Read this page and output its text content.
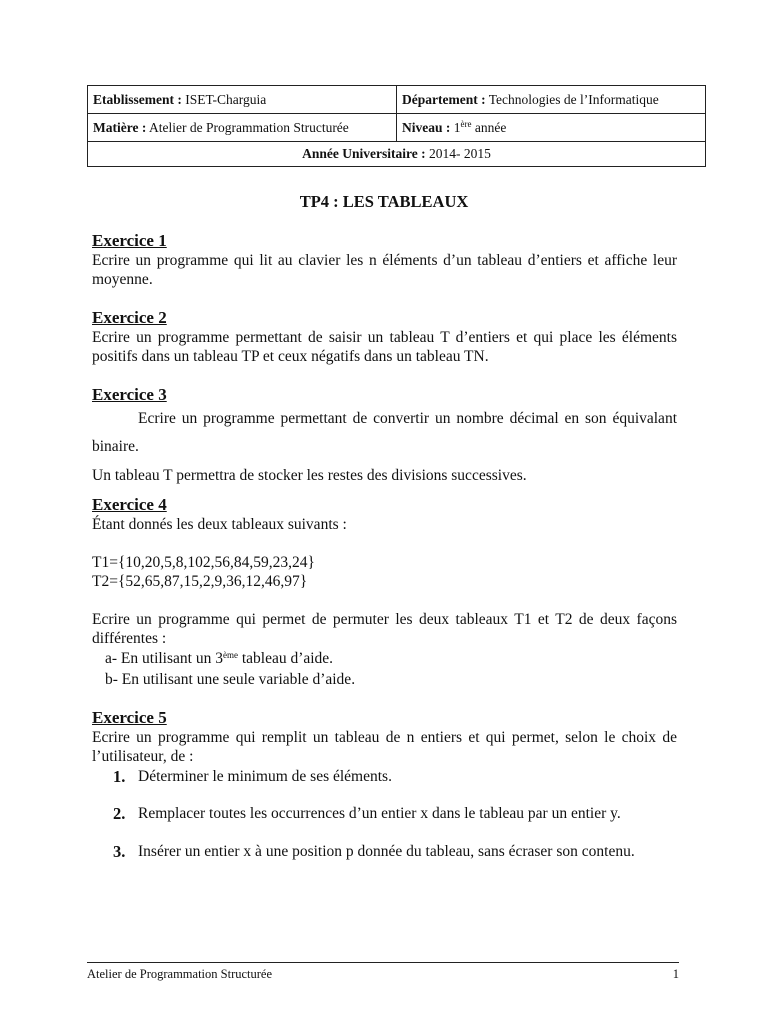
Etablissement : ISET-Charguia	Département : Technologies de l’Informatique
Matière : Atelier de Programmation Structurée	Niveau : 1ère année
Année Universitaire : 2014- 2015	
TP4 : LES TABLEAUX
Exercice 1

Ecrire un programme qui lit au clavier les n éléments d’un tableau d’entiers et affiche leur moyenne.

Exercice 2

Ecrire un programme permettant de saisir un tableau T d’entiers et qui place les éléments positifs dans un tableau TP et ceux négatifs dans un tableau TN.

Exercice 3

Ecrire un programme permettant de convertir un nombre décimal en son équivalant binaire.

Un tableau T permettra de stocker les restes des divisions successives.

Exercice 4

Étant donnés les deux tableaux suivants :

T1={10,20,5,8,102,56,84,59,23,24}

T2={52,65,87,15,2,9,36,12,46,97}

Ecrire un programme qui permet de permuter les deux tableaux T1 et T2 de deux façons différentes :

a- En utilisant un 3ème tableau d’aide.
b- En utilisant une seule variable d’aide.
Exercice 5

Ecrire un programme qui remplit un tableau de n entiers et qui permet, selon le choix de l’utilisateur, de :

1. Déterminer le minimum de ses éléments.
2. Remplacer toutes les occurrences d’un entier x dans le tableau par un entier y.
3. Insérer un entier x à une position p donnée du tableau, sans écraser son contenu.
Atelier de Programmation Structurée	1
